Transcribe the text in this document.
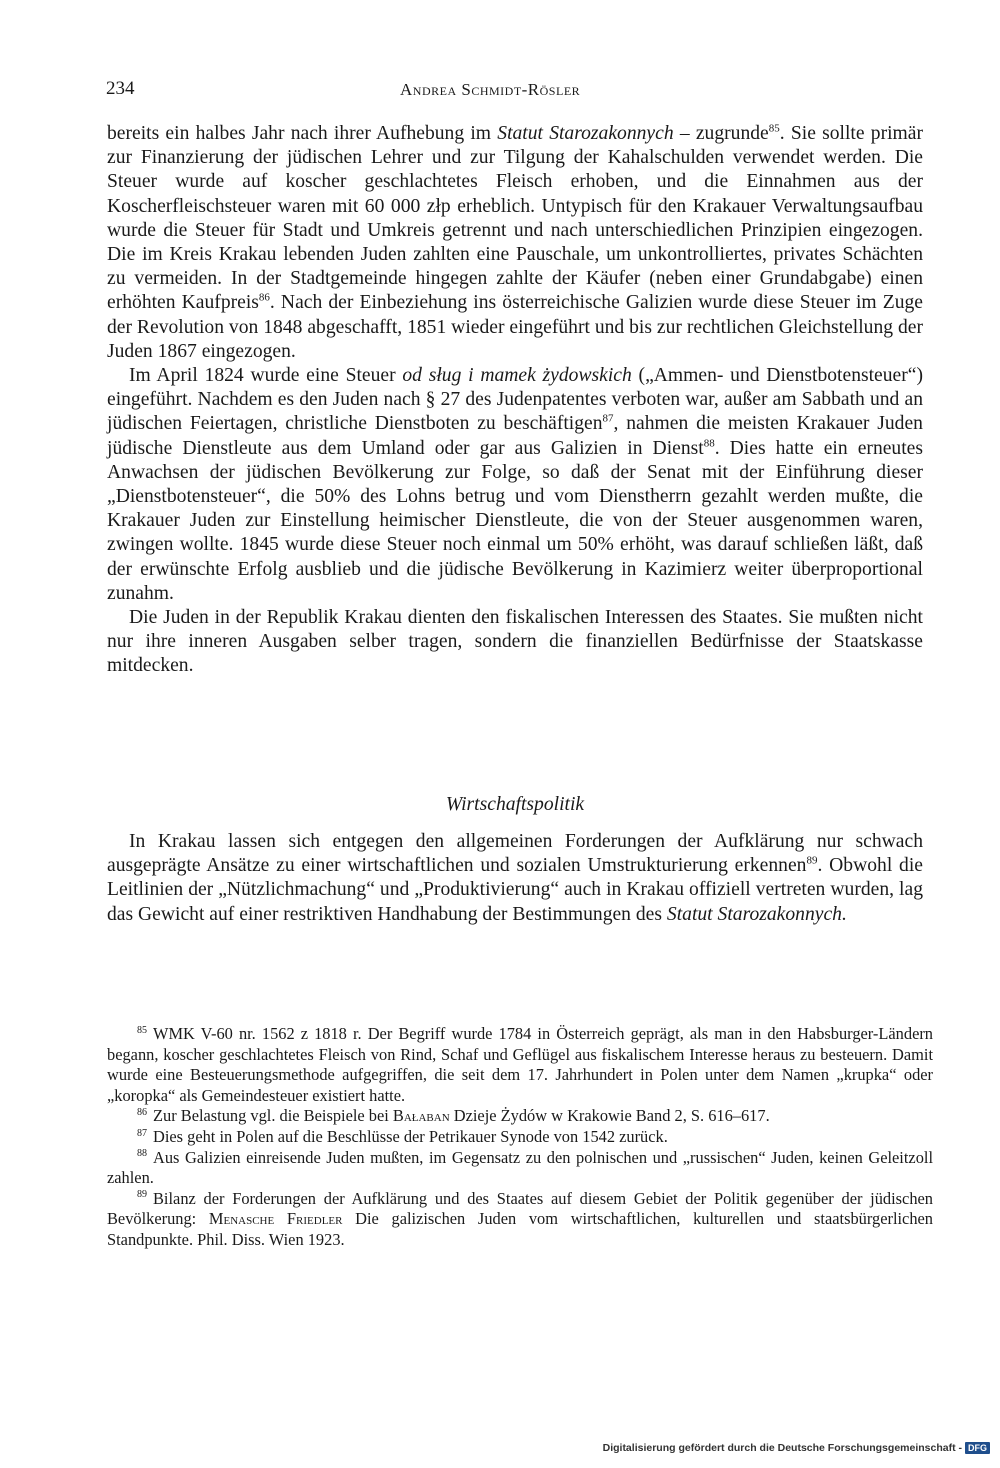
234	Andrea Schmidt-Rösler

bereits ein halbes Jahr nach ihrer Aufhebung im Statut Starozakonnych – zugrunde$^{85}$. Sie sollte primär zur Finanzierung der jüdischen Lehrer und zur Tilgung der Kahalschulden verwendet werden. Die Steuer wurde auf koscher geschlachtetes Fleisch erhoben, und die Einnahmen aus der Koscherfleischsteuer waren mit 60 000 złp erheblich. Untypisch für den Krakauer Verwaltungsaufbau wurde die Steuer für Stadt und Umkreis getrennt und nach unterschiedlichen Prinzipien eingezogen. Die im Kreis Krakau lebenden Juden zahlten eine Pauschale, um unkontrolliertes, privates Schächten zu vermeiden. In der Stadtgemeinde hingegen zahlte der Käufer (neben einer Grundabgabe) einen erhöhten Kaufpreis$^{86}$. Nach der Einbeziehung ins österreichische Galizien wurde diese Steuer im Zuge der Revolution von 1848 abgeschafft, 1851 wieder eingeführt und bis zur rechtlichen Gleichstellung der Juden 1867 eingezogen.

Im April 1824 wurde eine Steuer od sług i mamek żydowskich („Ammen- und Dienstbotensteuer“) eingeführt. Nachdem es den Juden nach § 27 des Judenpatentes verboten war, außer am Sabbath und an jüdischen Feiertagen, christliche Dienstboten zu beschäftigen$^{87}$, nahmen die meisten Krakauer Juden jüdische Dienstleute aus dem Umland oder gar aus Galizien in Dienst$^{88}$. Dies hatte ein erneutes Anwachsen der jüdischen Bevölkerung zur Folge, so daß der Senat mit der Einführung dieser „Dienstbotensteuer“, die 50% des Lohns betrug und vom Dienstherrn gezahlt werden mußte, die Krakauer Juden zur Einstellung heimischer Dienstleute, die von der Steuer ausgenommen waren, zwingen wollte. 1845 wurde diese Steuer noch einmal um 50% erhöht, was darauf schließen läßt, daß der erwünschte Erfolg ausblieb und die jüdische Bevölkerung in Kazimierz weiter überproportional zunahm.

Die Juden in der Republik Krakau dienten den fiskalischen Interessen des Staates. Sie mußten nicht nur ihre inneren Ausgaben selber tragen, sondern die finanziellen Bedürfnisse der Staatskasse mitdecken.

Wirtschaftspolitik

In Krakau lassen sich entgegen den allgemeinen Forderungen der Aufklärung nur schwach ausgeprägte Ansätze zu einer wirtschaftlichen und sozialen Umstrukturierung erkennen$^{89}$. Obwohl die Leitlinien der „Nützlichmachung“ und „Produktivierung“ auch in Krakau offiziell vertreten wurden, lag das Gewicht auf einer restriktiven Handhabung der Bestimmungen des Statut Starozakonnych.

$^{85}$ WMK V-60 nr. 1562 z 1818 r. Der Begriff wurde 1784 in Österreich geprägt, als man in den Habsburger-Ländern begann, koscher geschlachtetes Fleisch von Rind, Schaf und Geflügel aus fiskalischem Interesse heraus zu besteuern. Damit wurde eine Besteuerungsmethode aufgegriffen, die seit dem 17. Jahrhundert in Polen unter dem Namen „krupka“ oder „koropka“ als Gemeindesteuer existiert hatte.

$^{86}$ Zur Belastung vgl. die Beispiele bei Bałaban Dzieje Żydów w Krakowie Band 2, S. 616–617.

$^{87}$ Dies geht in Polen auf die Beschlüsse der Petrikauer Synode von 1542 zurück.

$^{88}$ Aus Galizien einreisende Juden mußten, im Gegensatz zu den polnischen und „russischen“ Juden, keinen Geleitzoll zahlen.

$^{89}$ Bilanz der Forderungen der Aufklärung und des Staates auf diesem Gebiet der Politik gegenüber der jüdischen Bevölkerung: Menasche Friedler Die galizischen Juden vom wirtschaftlichen, kulturellen und staatsbürgerlichen Standpunkte. Phil. Diss. Wien 1923.

Digitalisierung gefördert durch die Deutsche Forschungsgemeinschaft - DFG
